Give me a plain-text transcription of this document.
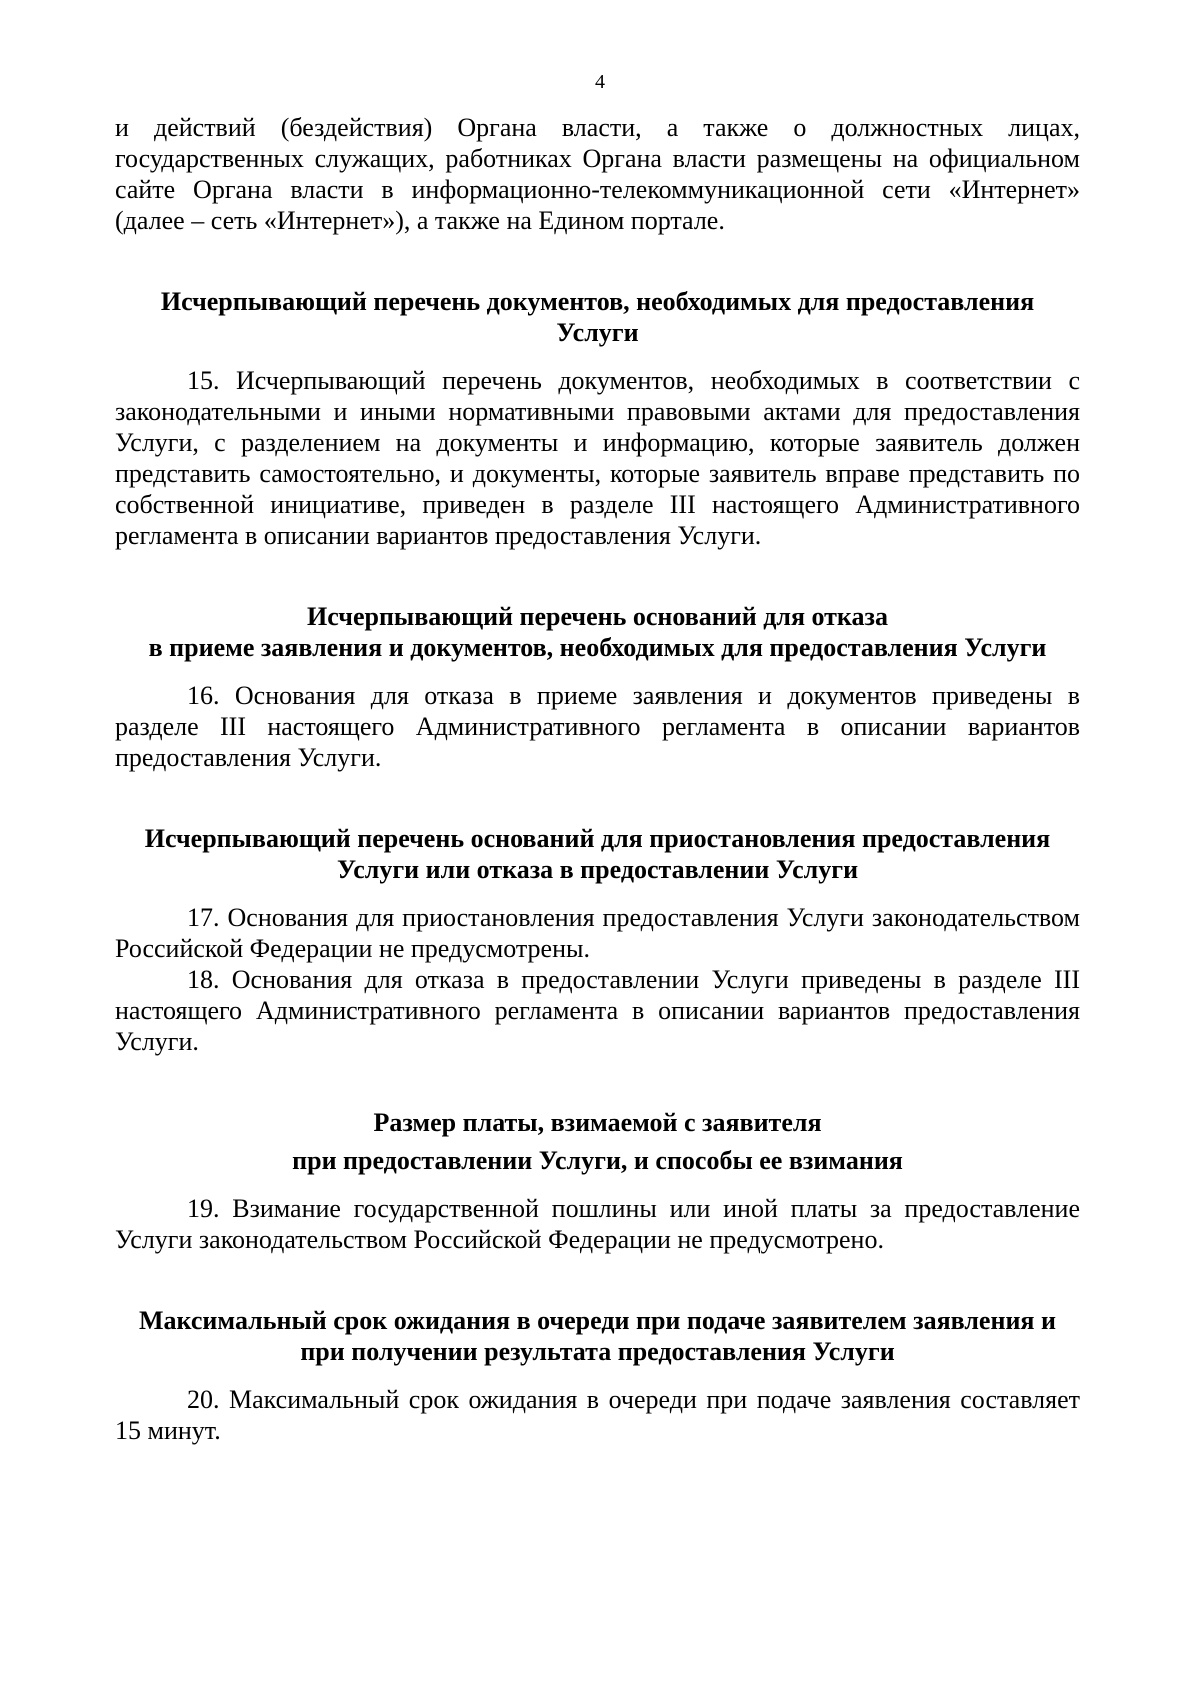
4

и действий (бездействия) Органа власти, а также о должностных лицах, государственных служащих, работниках Органа власти размещены на официальном сайте Органа власти в информационно-телекоммуникационной сети «Интернет» (далее – сеть «Интернет»), а также на Едином портале.

Исчерпывающий перечень документов, необходимых для предоставления
Услуги

15. Исчерпывающий перечень документов, необходимых в соответствии с законодательными и иными нормативными правовыми актами для предоставления Услуги, с разделением на документы и информацию, которые заявитель должен представить самостоятельно, и документы, которые заявитель вправе представить по собственной инициативе, приведен в разделе III настоящего Административного регламента в описании вариантов предоставления Услуги.

Исчерпывающий перечень оснований для отказа
в приеме заявления и документов, необходимых для предоставления Услуги

16. Основания для отказа в приеме заявления и документов приведены в разделе III настоящего Административного регламента в описании вариантов предоставления Услуги.

Исчерпывающий перечень оснований для приостановления предоставления
Услуги или отказа в предоставлении Услуги

17. Основания для приостановления предоставления Услуги законодательством Российской Федерации не предусмотрены.

18. Основания для отказа в предоставлении Услуги приведены в разделе III настоящего Административного регламента в описании вариантов предоставления Услуги.

Размер платы, взимаемой с заявителя
при предоставлении Услуги, и способы ее взимания

19. Взимание государственной пошлины или иной платы за предоставление Услуги законодательством Российской Федерации не предусмотрено.

Максимальный срок ожидания в очереди при подаче заявителем заявления и
при получении результата предоставления Услуги

20. Максимальный срок ожидания в очереди при подаче заявления составляет 15 минут.
